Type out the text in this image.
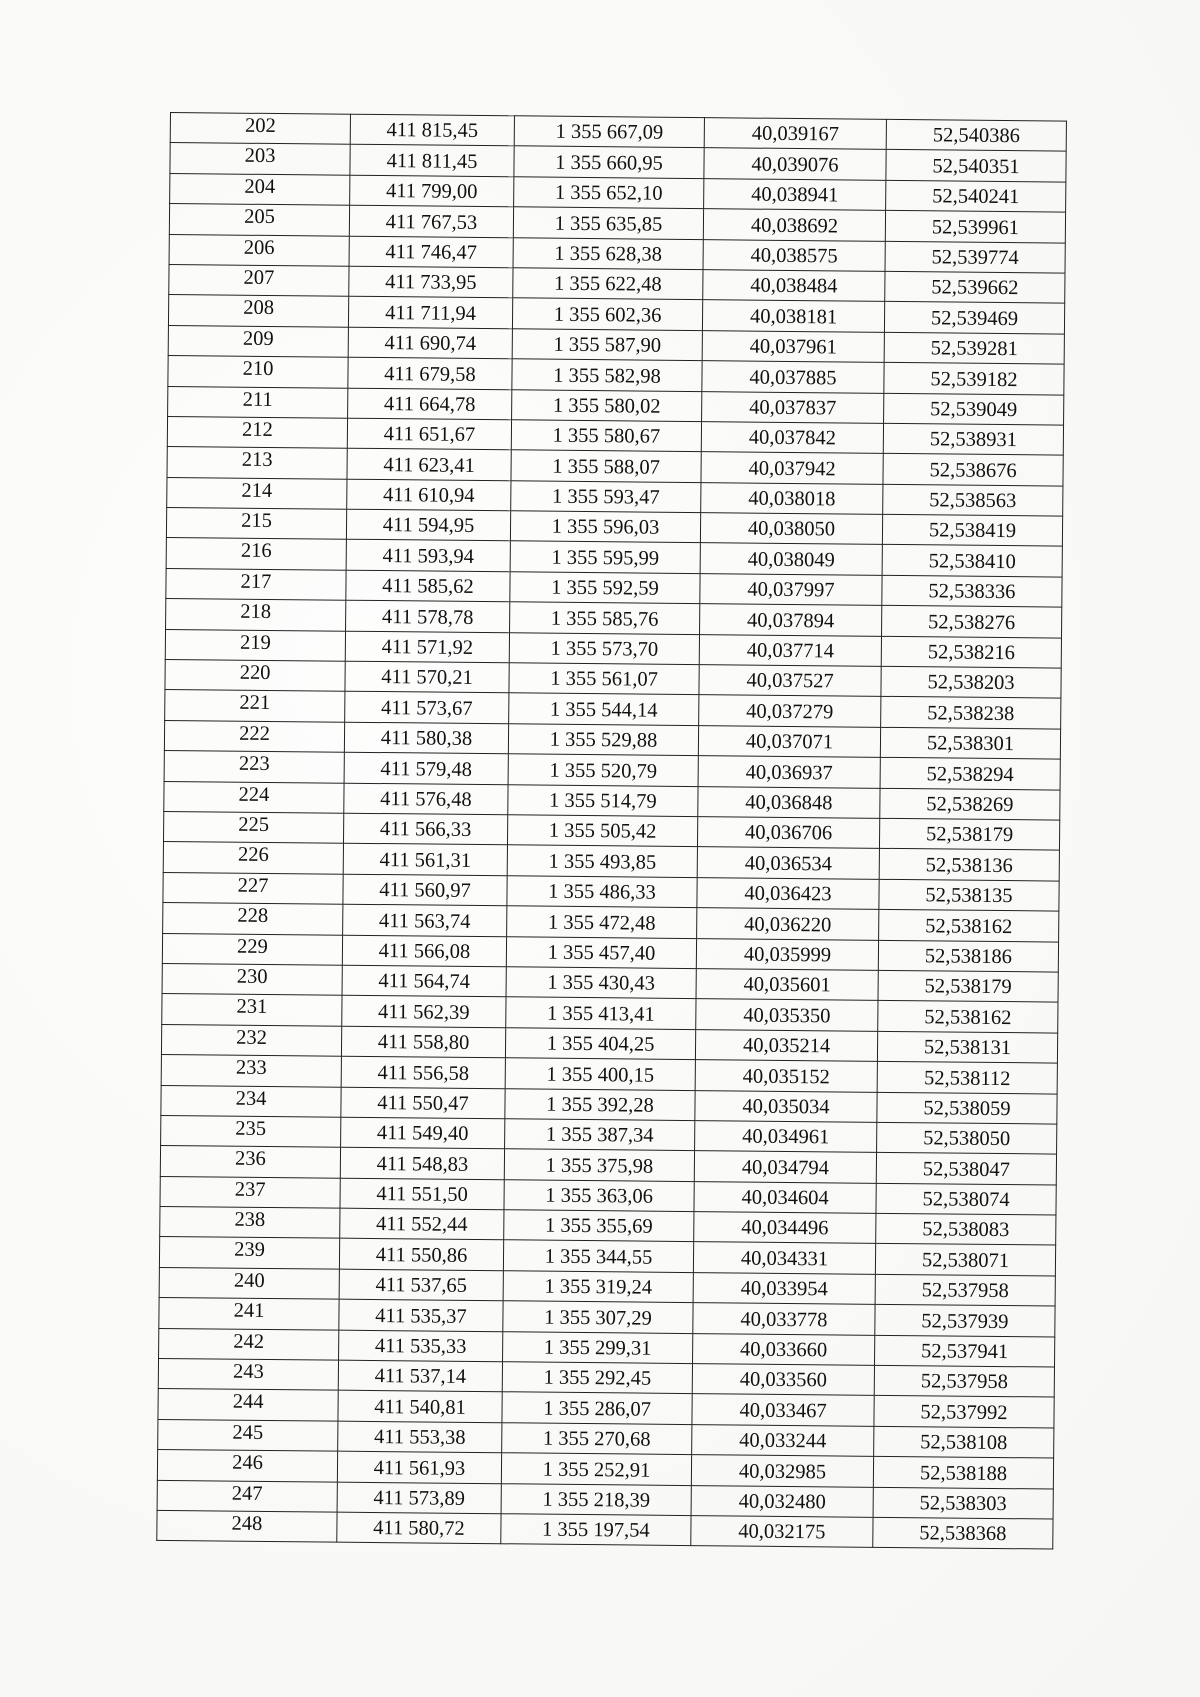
202	411 815,45	1 355 667,09	40,039167	52,540386
203	411 811,45	1 355 660,95	40,039076	52,540351
204	411 799,00	1 355 652,10	40,038941	52,540241
205	411 767,53	1 355 635,85	40,038692	52,539961
206	411 746,47	1 355 628,38	40,038575	52,539774
207	411 733,95	1 355 622,48	40,038484	52,539662
208	411 711,94	1 355 602,36	40,038181	52,539469
209	411 690,74	1 355 587,90	40,037961	52,539281
210	411 679,58	1 355 582,98	40,037885	52,539182
211	411 664,78	1 355 580,02	40,037837	52,539049
212	411 651,67	1 355 580,67	40,037842	52,538931
213	411 623,41	1 355 588,07	40,037942	52,538676
214	411 610,94	1 355 593,47	40,038018	52,538563
215	411 594,95	1 355 596,03	40,038050	52,538419
216	411 593,94	1 355 595,99	40,038049	52,538410
217	411 585,62	1 355 592,59	40,037997	52,538336
218	411 578,78	1 355 585,76	40,037894	52,538276
219	411 571,92	1 355 573,70	40,037714	52,538216
220	411 570,21	1 355 561,07	40,037527	52,538203
221	411 573,67	1 355 544,14	40,037279	52,538238
222	411 580,38	1 355 529,88	40,037071	52,538301
223	411 579,48	1 355 520,79	40,036937	52,538294
224	411 576,48	1 355 514,79	40,036848	52,538269
225	411 566,33	1 355 505,42	40,036706	52,538179
226	411 561,31	1 355 493,85	40,036534	52,538136
227	411 560,97	1 355 486,33	40,036423	52,538135
228	411 563,74	1 355 472,48	40,036220	52,538162
229	411 566,08	1 355 457,40	40,035999	52,538186
230	411 564,74	1 355 430,43	40,035601	52,538179
231	411 562,39	1 355 413,41	40,035350	52,538162
232	411 558,80	1 355 404,25	40,035214	52,538131
233	411 556,58	1 355 400,15	40,035152	52,538112
234	411 550,47	1 355 392,28	40,035034	52,538059
235	411 549,40	1 355 387,34	40,034961	52,538050
236	411 548,83	1 355 375,98	40,034794	52,538047
237	411 551,50	1 355 363,06	40,034604	52,538074
238	411 552,44	1 355 355,69	40,034496	52,538083
239	411 550,86	1 355 344,55	40,034331	52,538071
240	411 537,65	1 355 319,24	40,033954	52,537958
241	411 535,37	1 355 307,29	40,033778	52,537939
242	411 535,33	1 355 299,31	40,033660	52,537941
243	411 537,14	1 355 292,45	40,033560	52,537958
244	411 540,81	1 355 286,07	40,033467	52,537992
245	411 553,38	1 355 270,68	40,033244	52,538108
246	411 561,93	1 355 252,91	40,032985	52,538188
247	411 573,89	1 355 218,39	40,032480	52,538303
248	411 580,72	1 355 197,54	40,032175	52,538368
